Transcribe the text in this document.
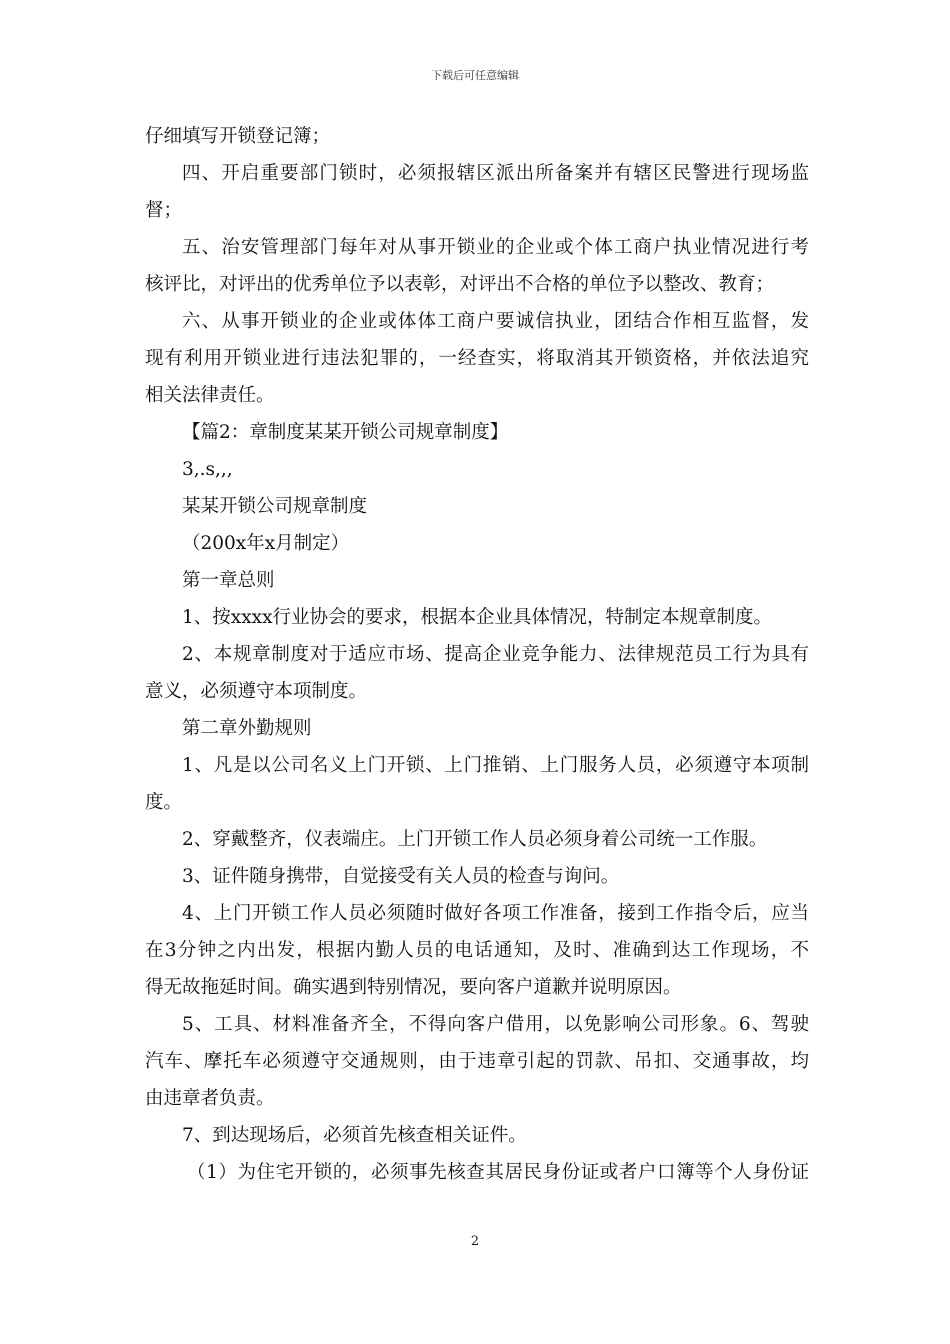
下载后可任意编辑
仔细填写开锁登记簿；
四、开启重要部门锁时，必须报辖区派出所备案并有辖区民警进行现场监
督；
五、治安管理部门每年对从事开锁业的企业或个体工商户执业情况进行考
核评比，对评出的优秀单位予以表彰，对评出不合格的单位予以整改、教育；
六、从事开锁业的企业或体体工商户要诚信执业，团结合作相互监督，发
现有利用开锁业进行违法犯罪的，一经查实，将取消其开锁资格，并依法追究
相关法律责任。
【篇2：章制度某某开锁公司规章制度】
3,.s,,,
某某开锁公司规章制度
（200x年x月制定）
第一章总则
1、按xxxx行业协会的要求，根据本企业具体情况，特制定本规章制度。
2、本规章制度对于适应市场、提高企业竞争能力、法律规范员工行为具有
意义，必须遵守本项制度。
第二章外勤规则
1、凡是以公司名义上门开锁、上门推销、上门服务人员，必须遵守本项制
度。
2、穿戴整齐，仪表端庄。上门开锁工作人员必须身着公司统一工作服。
3、证件随身携带，自觉接受有关人员的检查与询问。
4、上门开锁工作人员必须随时做好各项工作准备，接到工作指令后，应当
在3分钟之内出发，根据内勤人员的电话通知，及时、准确到达工作现场，不
得无故拖延时间。确实遇到特别情况，要向客户道歉并说明原因。
5、工具、材料准备齐全，不得向客户借用，以免影响公司形象。6、驾驶
汽车、摩托车必须遵守交通规则，由于违章引起的罚款、吊扣、交通事故，均
由违章者负责。
7、到达现场后，必须首先核查相关证件。
（1）为住宅开锁的，必须事先核查其居民身份证或者户口簿等个人身份证
2
